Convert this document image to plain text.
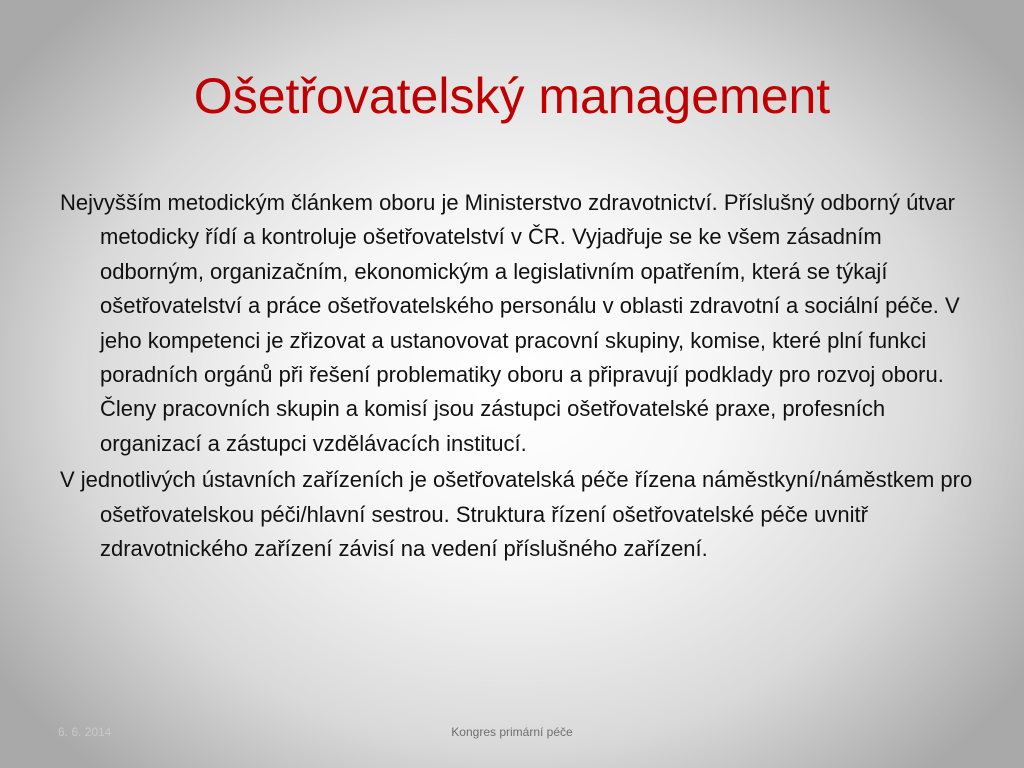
Ošetřovatelský management

Nejvyšším metodickým článkem oboru je Ministerstvo zdravotnictví. Příslušný odborný útvar metodicky řídí a kontroluje ošetřovatelství v ČR. Vyjadřuje se ke všem zásadním odborným, organizačním, ekonomickým a legislativním opatřením, která se týkají ošetřovatelství a práce ošetřovatelského personálu v oblasti zdravotní a sociální péče. V jeho kompetenci je zřizovat a ustanovovat pracovní skupiny, komise, které plní funkci poradních orgánů při řešení problematiky oboru a připravují podklady pro rozvoj oboru. Členy pracovních skupin a komisí jsou zástupci ošetřovatelské praxe, profesních organizací a zástupci vzdělávacích institucí.

V jednotlivých ústavních zařízeních je ošetřovatelská péče řízena náměstkyní/náměstkem pro ošetřovatelskou péči/hlavní sestrou. Struktura řízení ošetřovatelské péče uvnitř zdravotnického zařízení závisí na vedení příslušného zařízení.

6. 6. 2014	Kongres primární péče
